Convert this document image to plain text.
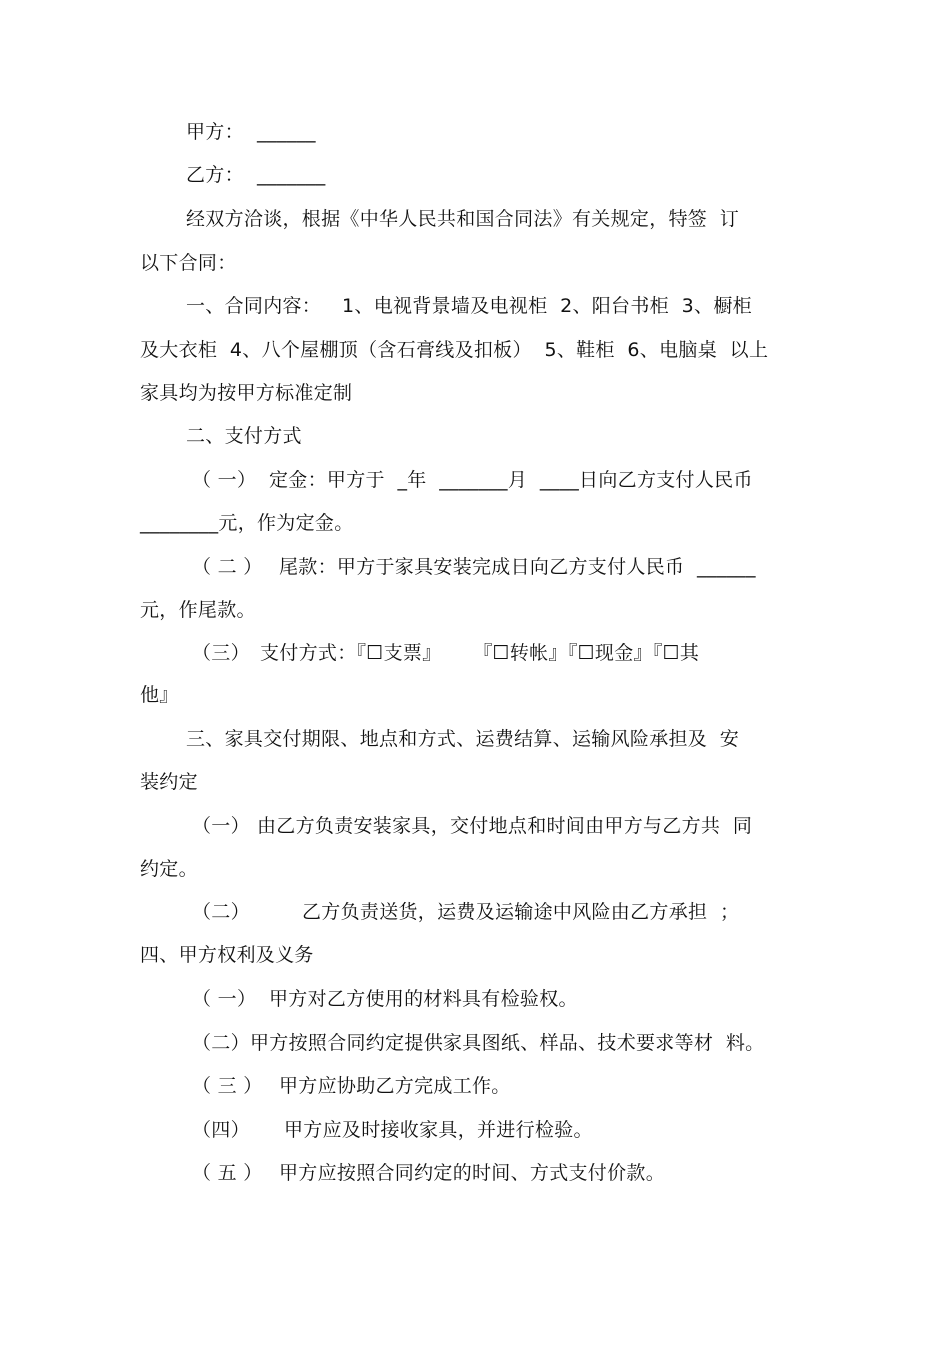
甲方：

______

乙方：

_______

经双方洽谈，根据《中华人民共和国合同法》有关规定，特签  订

以下合同：

一、合同内容：

1、电视背景墙及电视柜  2、阳台书柜  3、橱柜

及大衣柜  4、八个屋棚顶（含石膏线及扣板）  5、鞋柜  6、电脑桌  以上

家具均为按甲方标准定制

二、支付方式

（ 一）

定金：甲方于  _年  _______月  ____日向乙方支付人民币

________元，作为定金。

（ 二 ）

尾款：甲方于家具安装完成日向乙方支付人民币  ______

元，作尾款。

（三）

支付方式：『☐支票』     『☐转帐』『☐现金』『☐其

他』

三、家具交付期限、地点和方式、运费结算、运输风险承担及  安

装约定

（一）

由乙方负责安装家具，交付地点和时间由甲方与乙方共  同

约定。

（二）

	乙方负责送货，运费及运输途中风险由乙方承担  ；

四、甲方权利及义务

（ 一）

甲方对乙方使用的材料具有检验权。

（二）

甲方按照合同约定提供家具图纸、样品、技术要求等材  料。

（ 三 ）

甲方应协助乙方完成工作。

（四）

甲方应及时接收家具，并进行检验。

（ 五 ）

甲方应按照合同约定的时间、方式支付价款。
